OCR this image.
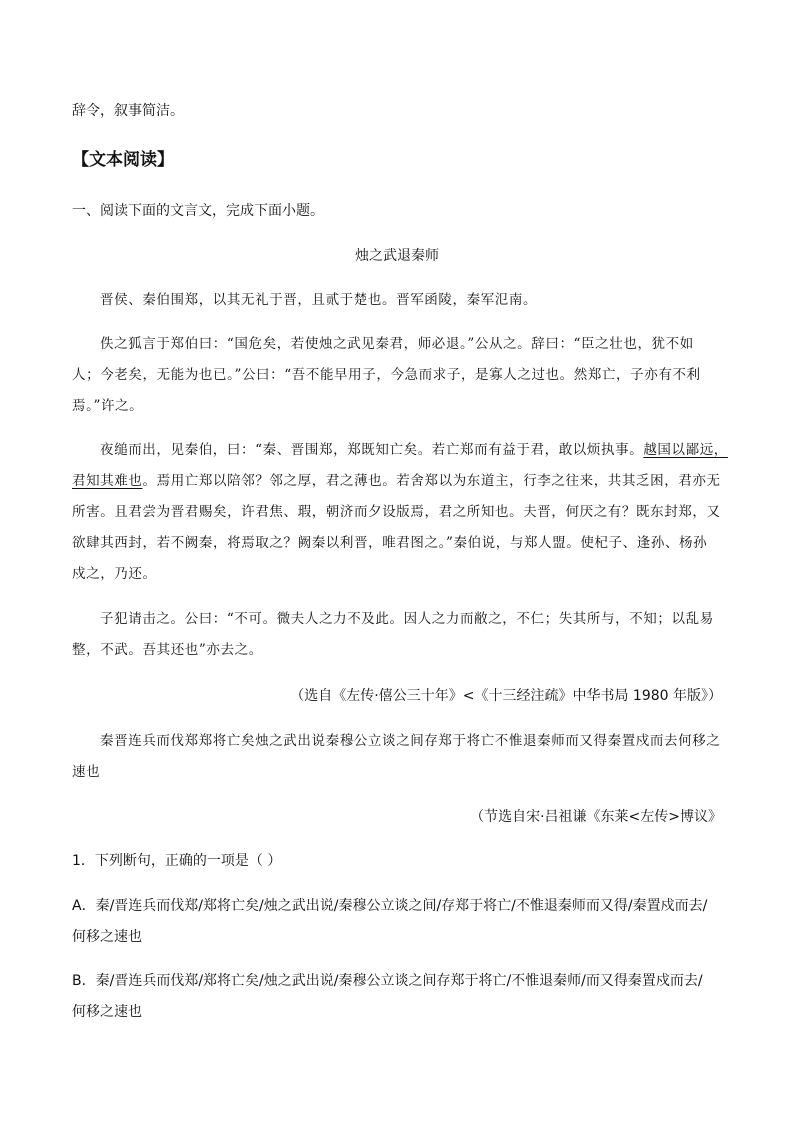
辞令，叙事简洁。
【文本阅读】
一、阅读下面的文言文，完成下面小题。
烛之武退秦师
晋侯、秦伯围郑，以其无礼于晋，且贰于楚也。晋军函陵，秦军氾南。
佚之狐言于郑伯曰：“国危矣，若使烛之武见秦君，师必退。”公从之。辞曰：“臣之壮也，犹不如
人；今老矣，无能为也已。”公曰：“吾不能早用子，今急而求子，是寡人之过也。然郑亡，子亦有不利
焉。”许之。
夜缒而出，见秦伯，曰：“秦、晋围郑，郑既知亡矣。若亡郑而有益于君，敢以烦执事。越国以鄙远，
君知其难也。焉用亡郑以陪邻？邻之厚，君之薄也。若舍郑以为东道主，行李之往来，共其乏困，君亦无
所害。且君尝为晋君赐矣，许君焦、瑕，朝济而夕设版焉，君之所知也。夫晋，何厌之有？既东封郑，又
欲肆其西封，若不阙秦，将焉取之？阙秦以利晋，唯君图之。”秦伯说，与郑人盟。使杞子、逢孙、杨孙
戍之，乃还。
子犯请击之。公曰：“不可。微夫人之力不及此。因人之力而敝之，不仁；失其所与，不知；以乱易
整，不武。吾其还也”亦去之。
（选自《左传·僖公三十年》<《十三经注疏》中华书局 1980 年版》）
秦晋连兵而伐郑郑将亡矣烛之武出说秦穆公立谈之间存郑于将亡不惟退秦师而又得秦置戍而去何移之
速也
（节选自宋·吕祖谦《东莱<左传>博议》
1．下列断句，正确的一项是（ ）
A．秦/晋连兵而伐郑/郑将亡矣/烛之武出说/秦穆公立谈之间/存郑于将亡/不惟退秦师而又得/秦置戍而去/
何移之速也
B．秦/晋连兵而伐郑/郑将亡矣/烛之武出说/秦穆公立谈之间存郑于将亡/不惟退秦师/而又得秦置戍而去/
何移之速也
